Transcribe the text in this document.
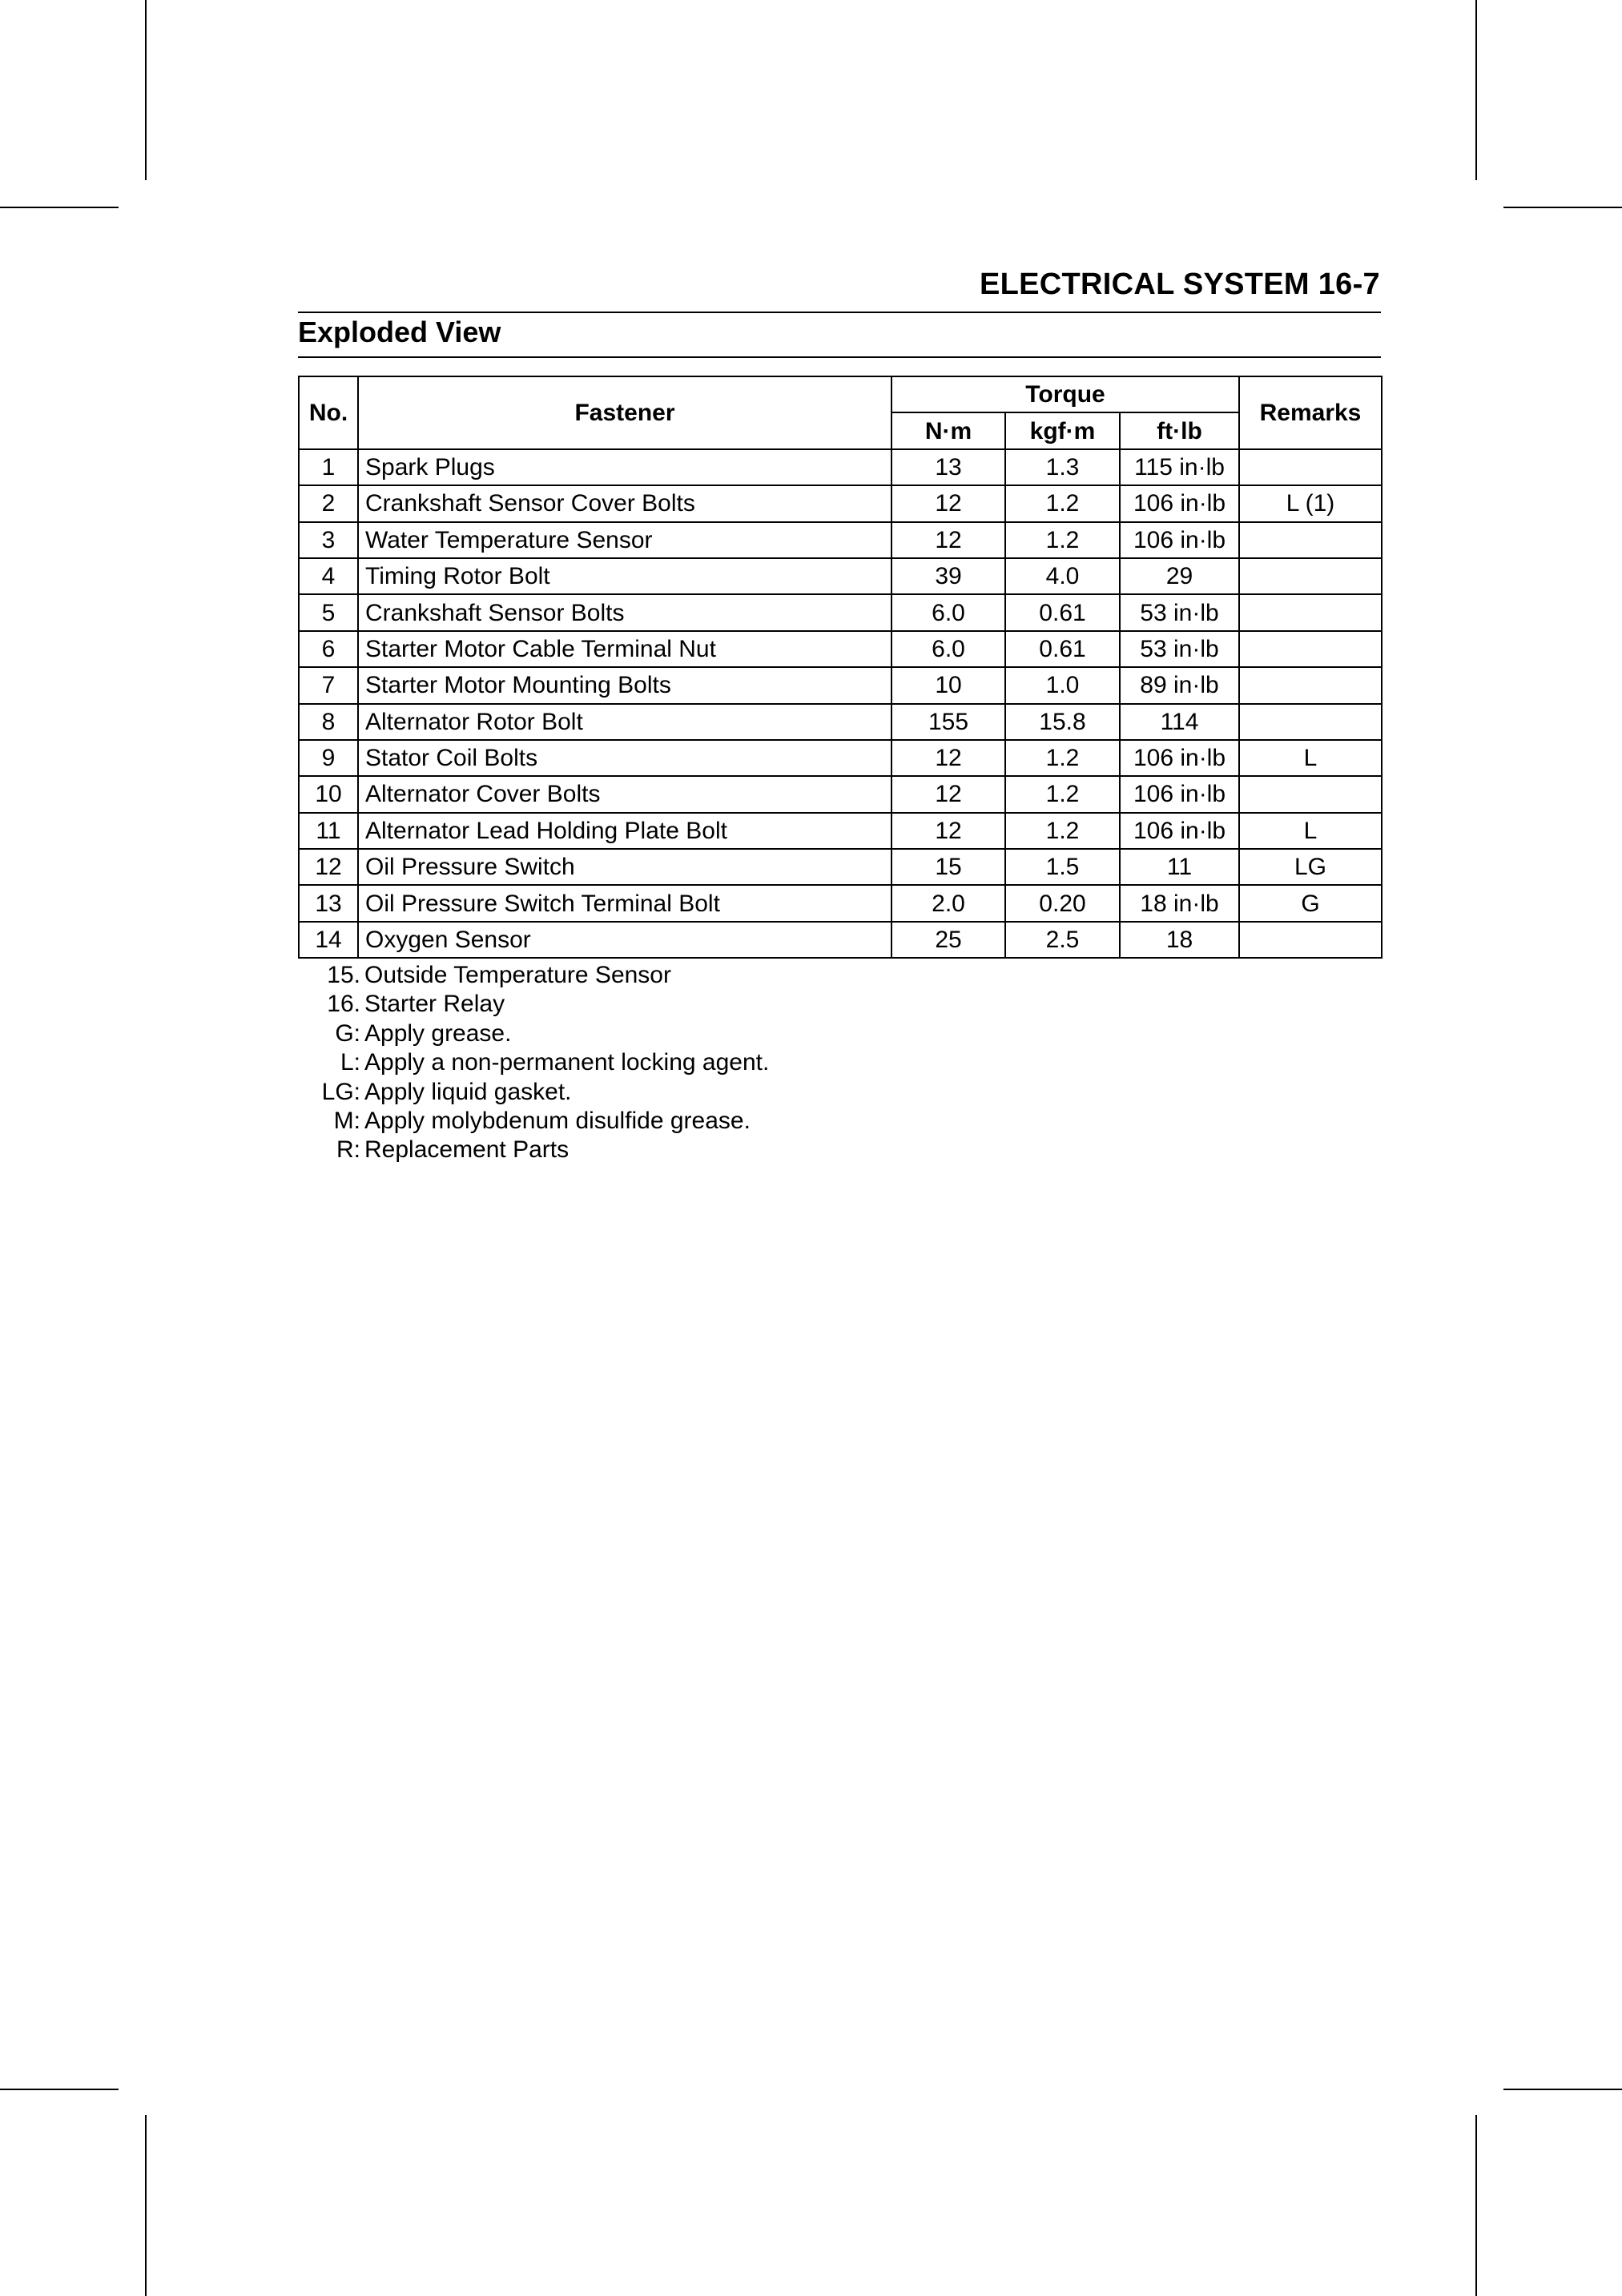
ELECTRICAL SYSTEM 16-7
Exploded View
No.	Fastener	Torque			Remarks
		N·m	kgf·m	ft·lb	
1	Spark Plugs	13	1.3	115 in·lb	
2	Crankshaft Sensor Cover Bolts	12	1.2	106 in·lb	L (1)
3	Water Temperature Sensor	12	1.2	106 in·lb	
4	Timing Rotor Bolt	39	4.0	29	
5	Crankshaft Sensor Bolts	6.0	0.61	53 in·lb	
6	Starter Motor Cable Terminal Nut	6.0	0.61	53 in·lb	
7	Starter Motor Mounting Bolts	10	1.0	89 in·lb	
8	Alternator Rotor Bolt	155	15.8	114	
9	Stator Coil Bolts	12	1.2	106 in·lb	L
10	Alternator Cover Bolts	12	1.2	106 in·lb	
11	Alternator Lead Holding Plate Bolt	12	1.2	106 in·lb	L
12	Oil Pressure Switch	15	1.5	11	LG
13	Oil Pressure Switch Terminal Bolt	2.0	0.20	18 in·lb	G
14	Oxygen Sensor	25	2.5	18	
15. Outside Temperature Sensor
16. Starter Relay
G: Apply grease.
L: Apply a non-permanent locking agent.
LG: Apply liquid gasket.
M: Apply molybdenum disulfide grease.
R: Replacement Parts
